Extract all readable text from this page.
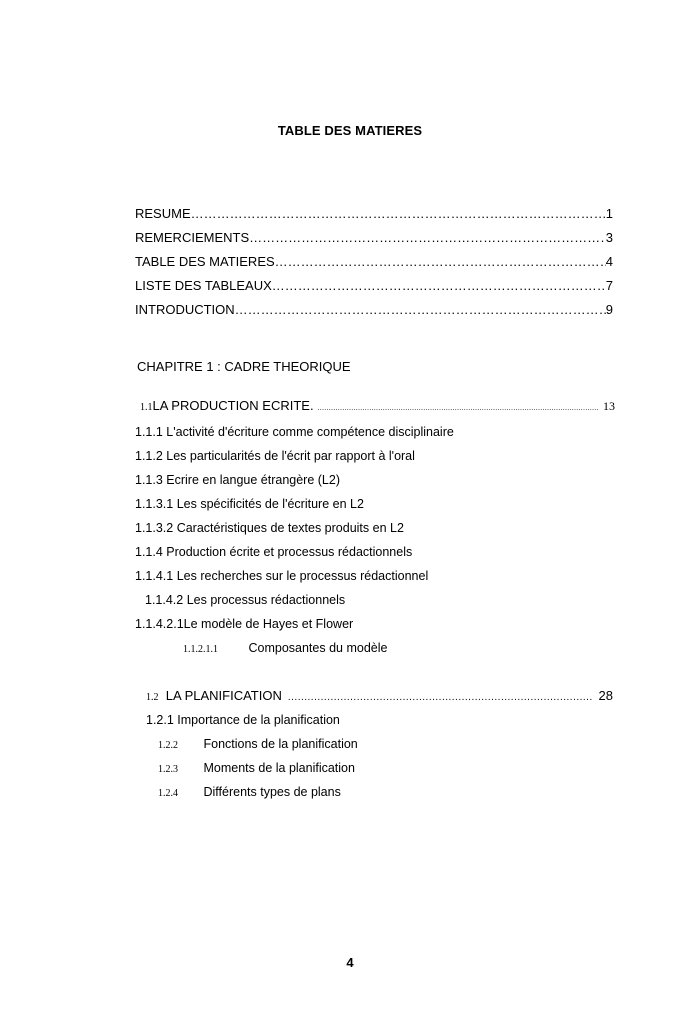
TABLE DES MATIERES
RESUME ……………………………………………………………………………………………………………………………………	1
REMERCIEMENTS ……………………………………………………………………………………………………………………………………	3
TABLE DES MATIERES ……………………………………………………………………………………………………………………………………	4
LISTE DES TABLEAUX ……………………………………………………………………………………………………………………………………	7
INTRODUCTION ……………………………………………………………………………………………………………………………………	9
CHAPITRE 1 : CADRE THEORIQUE
1.1 LA PRODUCTION ECRITE. .....	13
1.1.1 L'activité d'écriture comme compétence disciplinaire
1.1.2 Les particularités de l'écrit par rapport à l'oral
1.1.3 Ecrire en langue étrangère (L2)
1.1.3.1 Les spécificités de l'écriture en L2
1.1.3.2 Caractéristiques de textes produits en L2
1.1.4 Production écrite et processus rédactionnels
1.1.4.1 Les recherches sur le processus rédactionnel
1.1.4.2 Les processus rédactionnels
1.1.4.2.1Le modèle de Hayes et Flower
1.1.2.1.1 Composantes du modèle
1.2 LA PLANIFICATION .....	28
1.2.1 Importance de la planification
1.2.2 Fonctions de la planification
1.2.3 Moments de la planification
1.2.4 Différents types de plans
4
